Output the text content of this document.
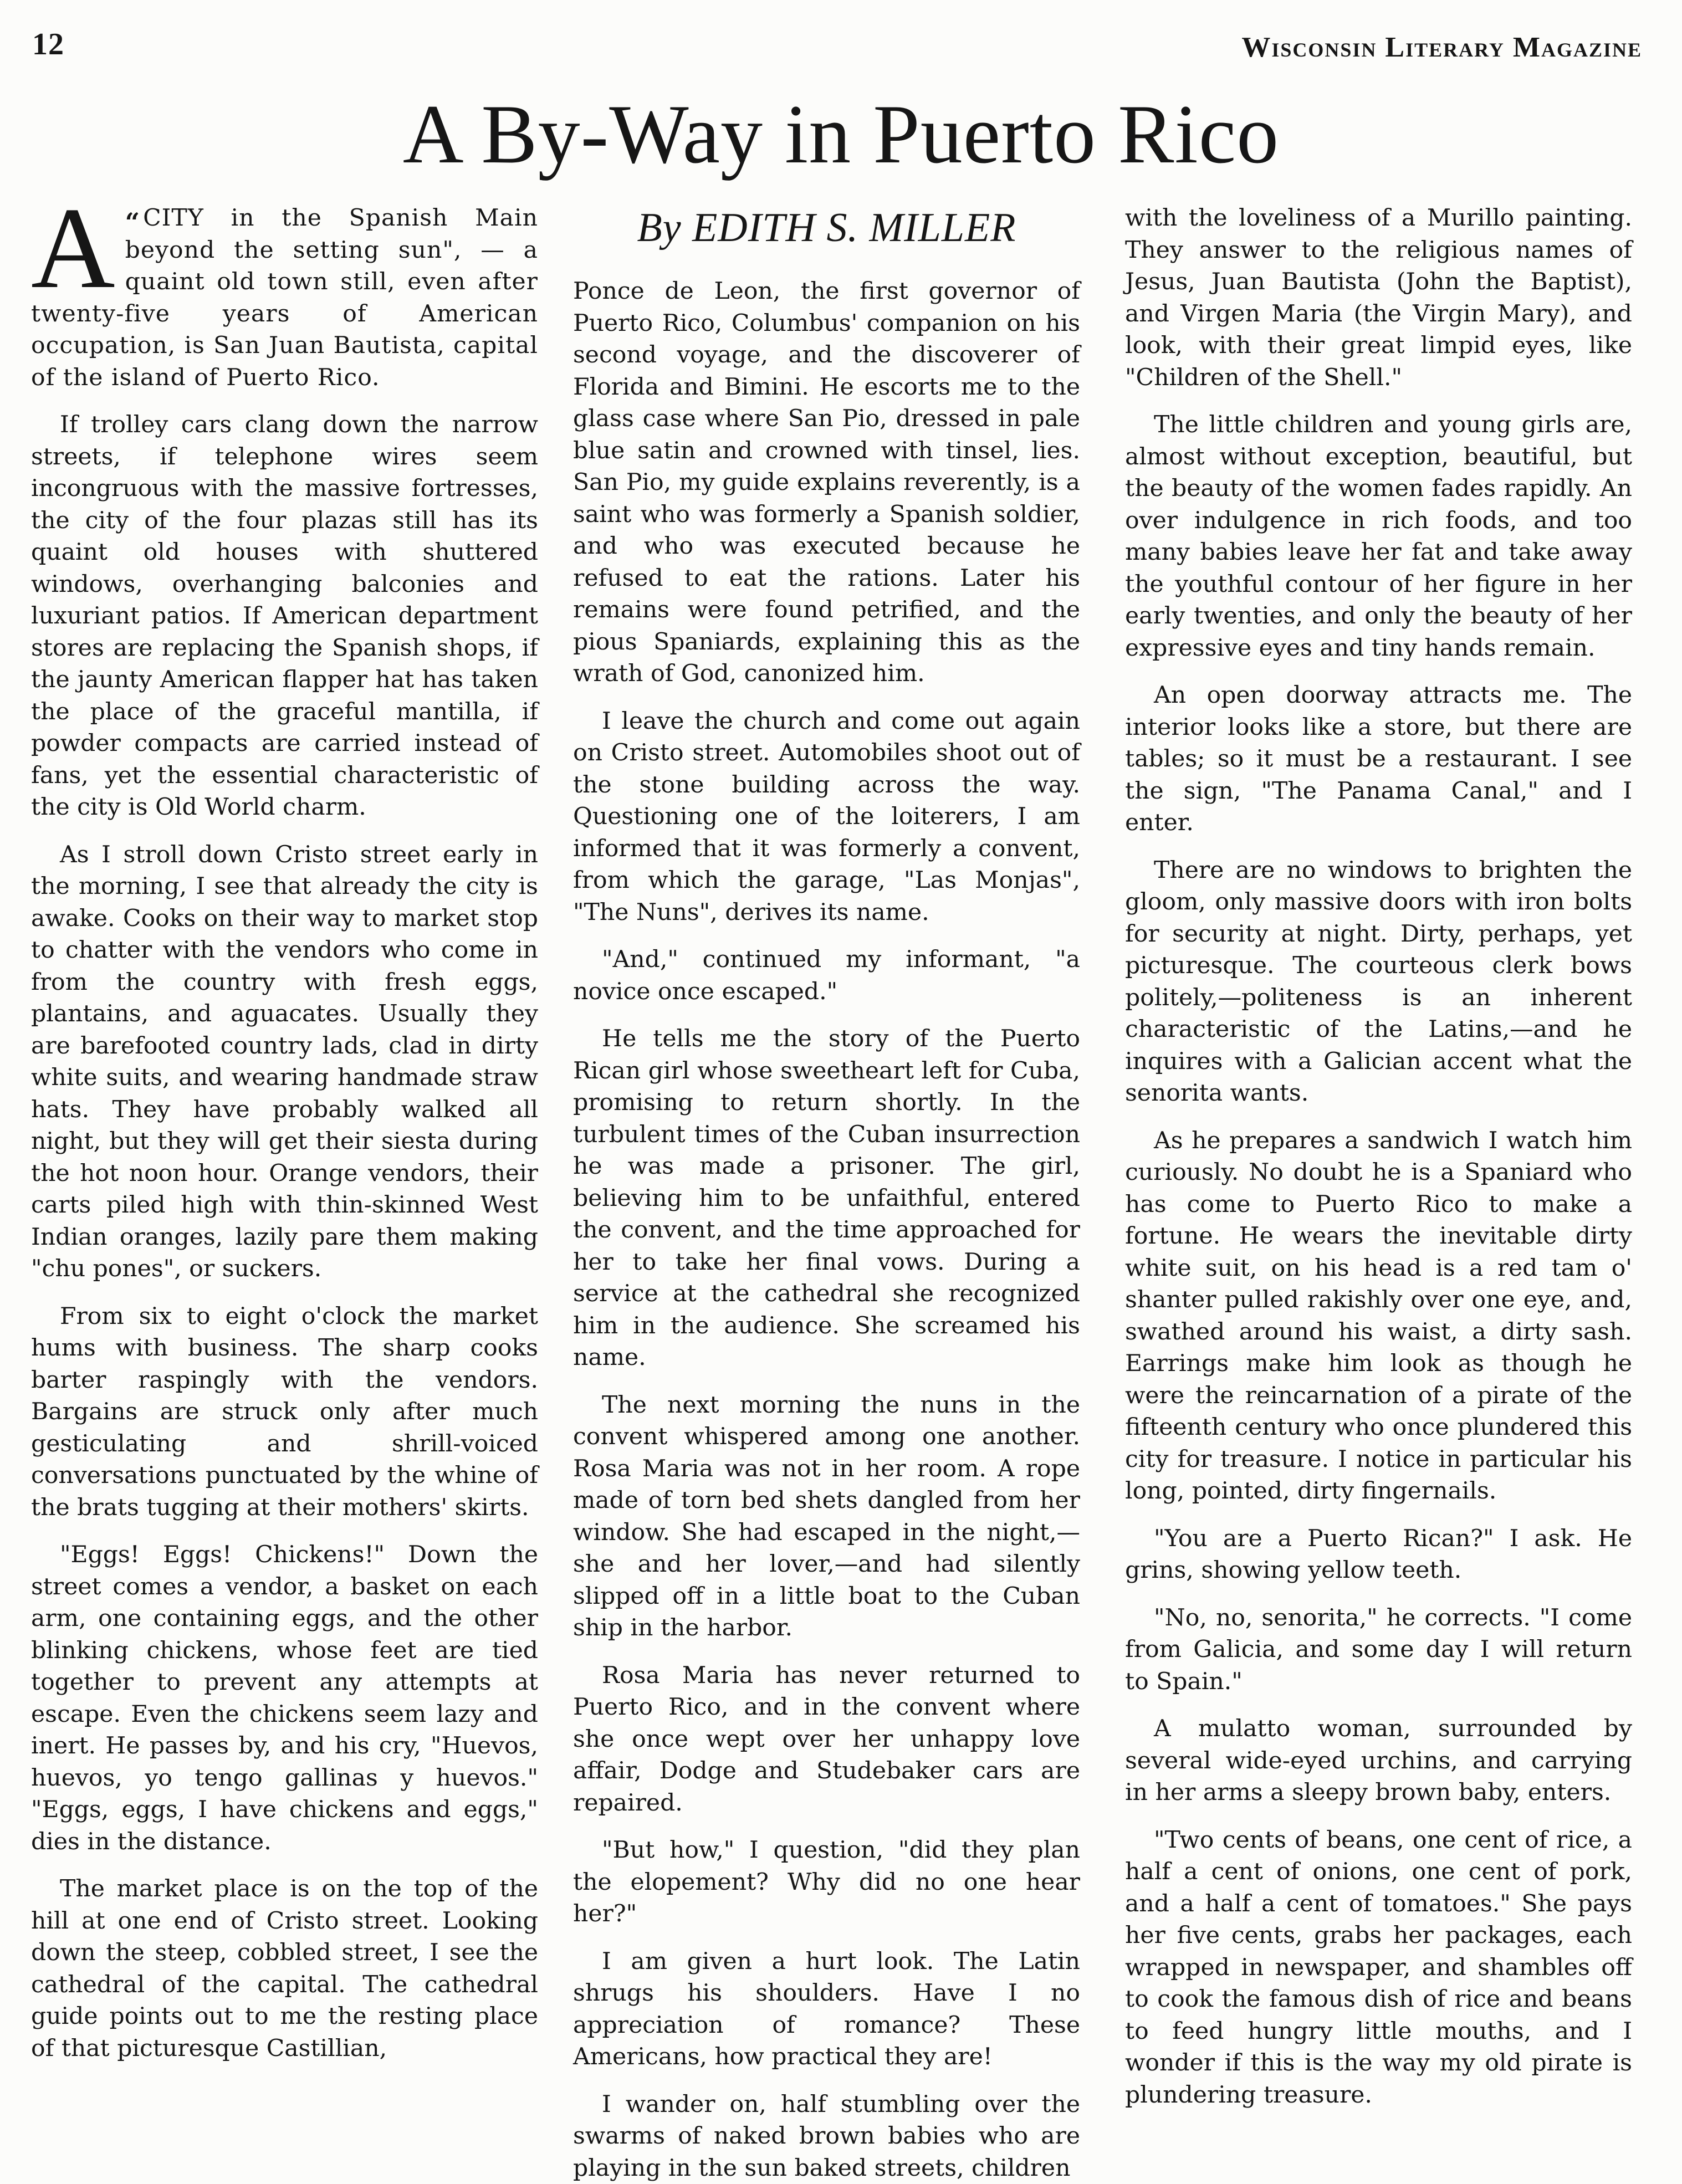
12	Wisconsin Literary Magazine
A By-Way in Puerto Rico

“
A CITY in the Spanish Main beyond the setting sun", — a quaint old town still, even after twenty-five years of American occupation, is San Juan Bautista, capital of the island of Puerto Rico.

If trolley cars clang down the narrow streets, if telephone wires seem incongruous with the massive fortresses, the city of the four plazas still has its quaint old houses with shuttered windows, overhanging balconies and luxuriant patios. If American department stores are replacing the Spanish shops, if the jaunty American flapper hat has taken the place of the graceful mantilla, if powder compacts are carried instead of fans, yet the essential characteristic of the city is Old World charm.

As I stroll down Cristo street early in the morning, I see that already the city is awake. Cooks on their way to market stop to chatter with the vendors who come in from the country with fresh eggs, plantains, and aguacates. Usually they are barefooted country lads, clad in dirty white suits, and wearing handmade straw hats. They have probably walked all night, but they will get their siesta during the hot noon hour. Orange vendors, their carts piled high with thin-skinned West Indian oranges, lazily pare them making "chu pones", or suckers.

From six to eight o'clock the market hums with business. The sharp cooks barter raspingly with the vendors. Bargains are struck only after much gesticulating and shrill-voiced conversations punctuated by the whine of the brats tugging at their mothers' skirts.

"Eggs! Eggs! Chickens!" Down the street comes a vendor, a basket on each arm, one containing eggs, and the other blinking chickens, whose feet are tied together to prevent any attempts at escape. Even the chickens seem lazy and inert. He passes by, and his cry, "Huevos, huevos, yo tengo gallinas y huevos." "Eggs, eggs, I have chickens and eggs," dies in the distance.

The market place is on the top of the hill at one end of Cristo street. Looking down the steep, cobbled street, I see the cathedral of the capital. The cathedral guide points out to me the resting place of that picturesque Castillian,

By EDITH S. MILLER

Ponce de Leon, the first governor of Puerto Rico, Columbus' companion on his second voyage, and the discoverer of Florida and Bimini. He escorts me to the glass case where San Pio, dressed in pale blue satin and crowned with tinsel, lies. San Pio, my guide explains reverently, is a saint who was formerly a Spanish soldier, and who was executed because he refused to eat the rations. Later his remains were found petrified, and the pious Spaniards, explaining this as the wrath of God, canonized him.

I leave the church and come out again on Cristo street. Automobiles shoot out of the stone building across the way. Questioning one of the loiterers, I am informed that it was formerly a convent, from which the garage, "Las Monjas", "The Nuns", derives its name.

"And," continued my informant, "a novice once escaped."

He tells me the story of the Puerto Rican girl whose sweetheart left for Cuba, promising to return shortly. In the turbulent times of the Cuban insurrection he was made a prisoner. The girl, believing him to be unfaithful, entered the convent, and the time approached for her to take her final vows. During a service at the cathedral she recognized him in the audience. She screamed his name.

The next morning the nuns in the convent whispered among one another. Rosa Maria was not in her room. A rope made of torn bed shets dangled from her window. She had escaped in the night,—she and her lover,—and had silently slipped off in a little boat to the Cuban ship in the harbor.

Rosa Maria has never returned to Puerto Rico, and in the convent where she once wept over her unhappy love affair, Dodge and Studebaker cars are repaired.

"But how," I question, "did they plan the elopement? Why did no one hear her?"

I am given a hurt look. The Latin shrugs his shoulders. Have I no appreciation of romance? These Americans, how practical they are!

I wander on, half stumbling over the swarms of naked brown babies who are playing in the sun baked streets, children

with the loveliness of a Murillo painting. They answer to the religious names of Jesus, Juan Bautista (John the Baptist), and Virgen Maria (the Virgin Mary), and look, with their great limpid eyes, like "Children of the Shell."

The little children and young girls are, almost without exception, beautiful, but the beauty of the women fades rapidly. An over indulgence in rich foods, and too many babies leave her fat and take away the youthful contour of her figure in her early twenties, and only the beauty of her expressive eyes and tiny hands remain.

An open doorway attracts me. The interior looks like a store, but there are tables; so it must be a restaurant. I see the sign, "The Panama Canal," and I enter.

There are no windows to brighten the gloom, only massive doors with iron bolts for security at night. Dirty, perhaps, yet picturesque. The courteous clerk bows politely,—politeness is an inherent characteristic of the Latins,—and he inquires with a Galician accent what the senorita wants.

As he prepares a sandwich I watch him curiously. No doubt he is a Spaniard who has come to Puerto Rico to make a fortune. He wears the inevitable dirty white suit, on his head is a red tam o' shanter pulled rakishly over one eye, and, swathed around his waist, a dirty sash. Earrings make him look as though he were the reincarnation of a pirate of the fifteenth century who once plundered this city for treasure. I notice in particular his long, pointed, dirty fingernails.

"You are a Puerto Rican?" I ask. He grins, showing yellow teeth.

"No, no, senorita," he corrects. "I come from Galicia, and some day I will return to Spain."

A mulatto woman, surrounded by several wide-eyed urchins, and carrying in her arms a sleepy brown baby, enters.

"Two cents of beans, one cent of rice, a half a cent of onions, one cent of pork, and a half a cent of tomatoes." She pays her five cents, grabs her packages, each wrapped in newspaper, and shambles off to cook the famous dish of rice and beans to feed hungry little mouths, and I wonder if this is the way my old pirate is plundering treasure.
